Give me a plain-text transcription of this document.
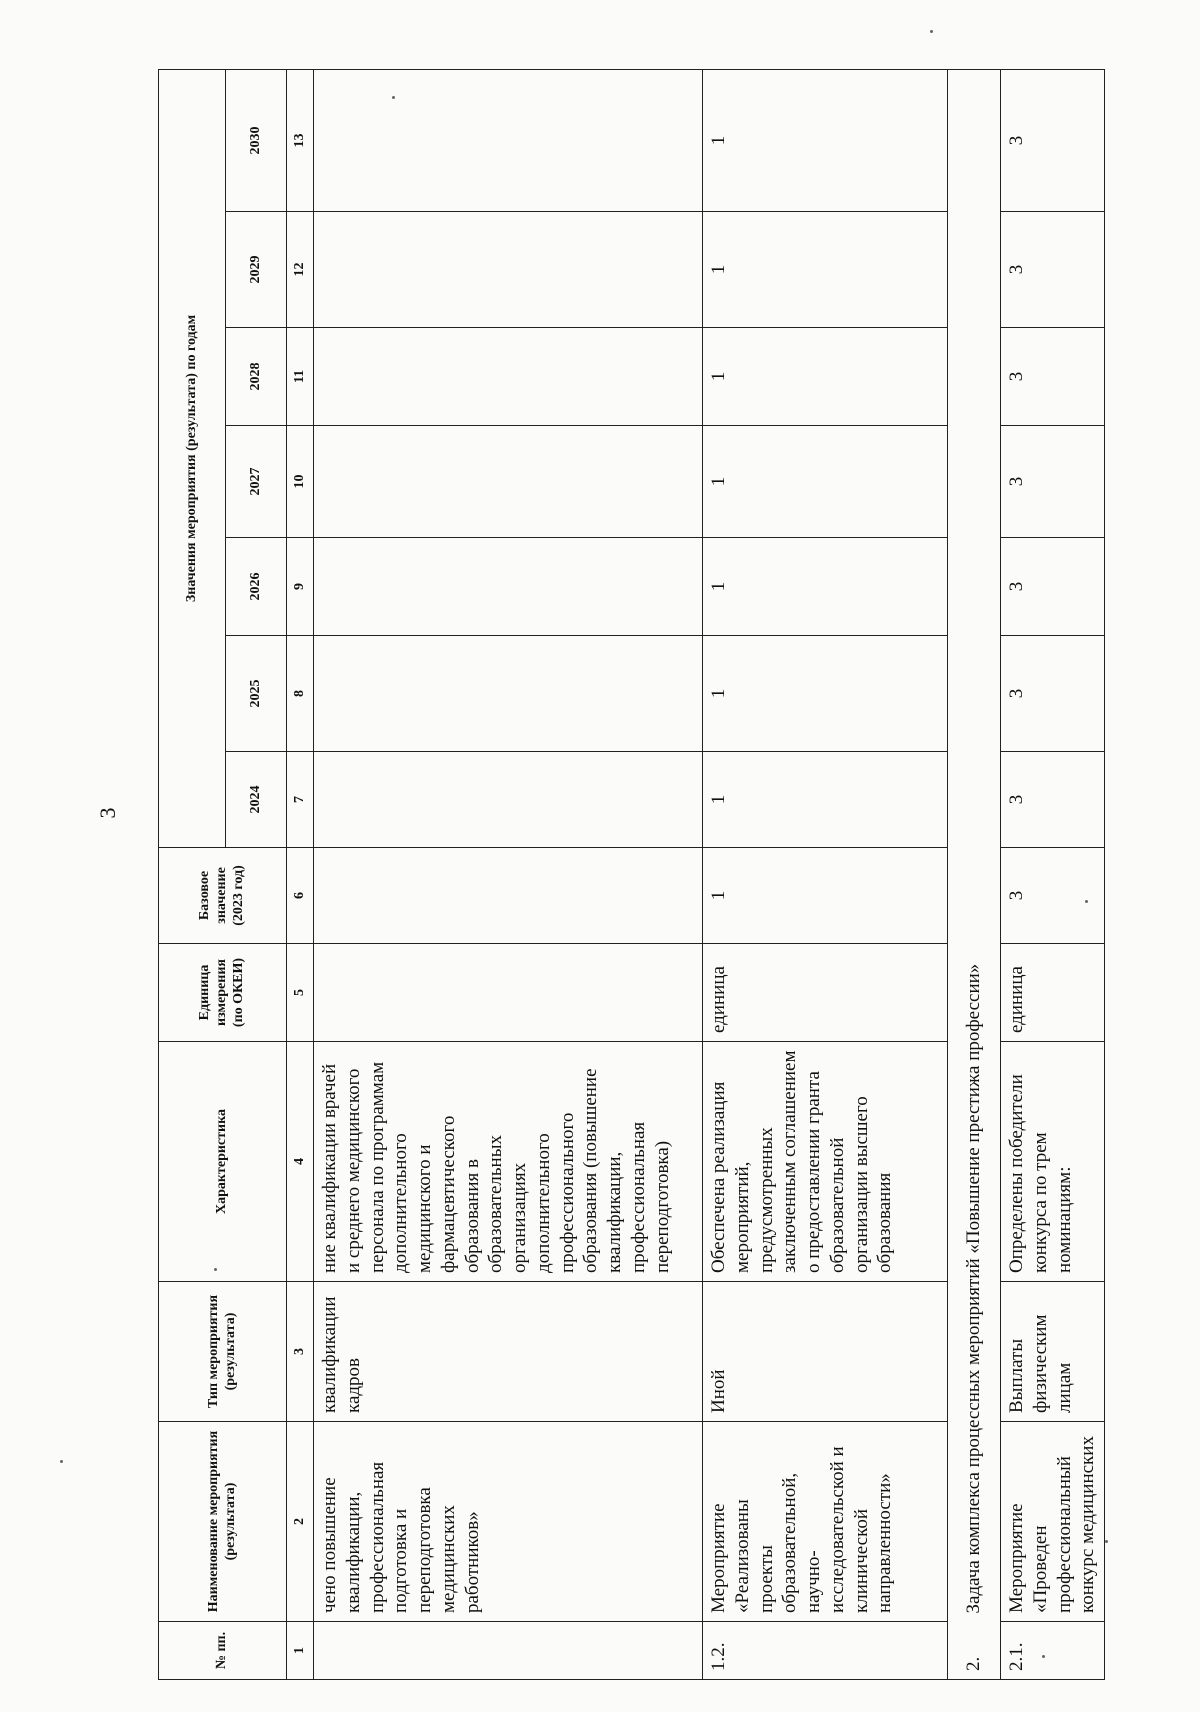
3
№ пп.	Наименование мероприятия (результата)	Тип мероприятия (результата)	Характеристика	Единица измерения (по ОКЕИ)	Базовое значение (2023 год)	Значения мероприятия (результата) по годам						
						2024	2025	2026	2027	2028	2029	2030
1	2	3	4	5	6	7	8	9	10	11	12	13
	чено повышение квалификации, профессиональная подготовка и переподготовка медицинских работников»	квалификации кадров	ние квалификации врачей и среднего медицинского персонала по программам дополнительного медицинского и фармацевтического образования в образовательных организациях дополнительного профессионального образования (повышение квалификации, профессиональная переподготовка)									
1.2.	Мероприятие «Реализованы проекты образовательной, научно-исследовательской и клинической направленности»	Иной	Обеспечена реализация мероприятий, предусмотренных заключенным соглашением о предоставлении гранта образовательной организации высшего образования	единица	1	1	1	1	1	1	1	1
2.	Задача комплекса процессных мероприятий «Повышение престижа профессии»											
2.1.	Мероприятие «Проведен профессиональный конкурс медицинских	Выплаты физическим лицам	Определены победители конкурса по трем номинациям:	единица	3	3	3	3	3	3	3	3
